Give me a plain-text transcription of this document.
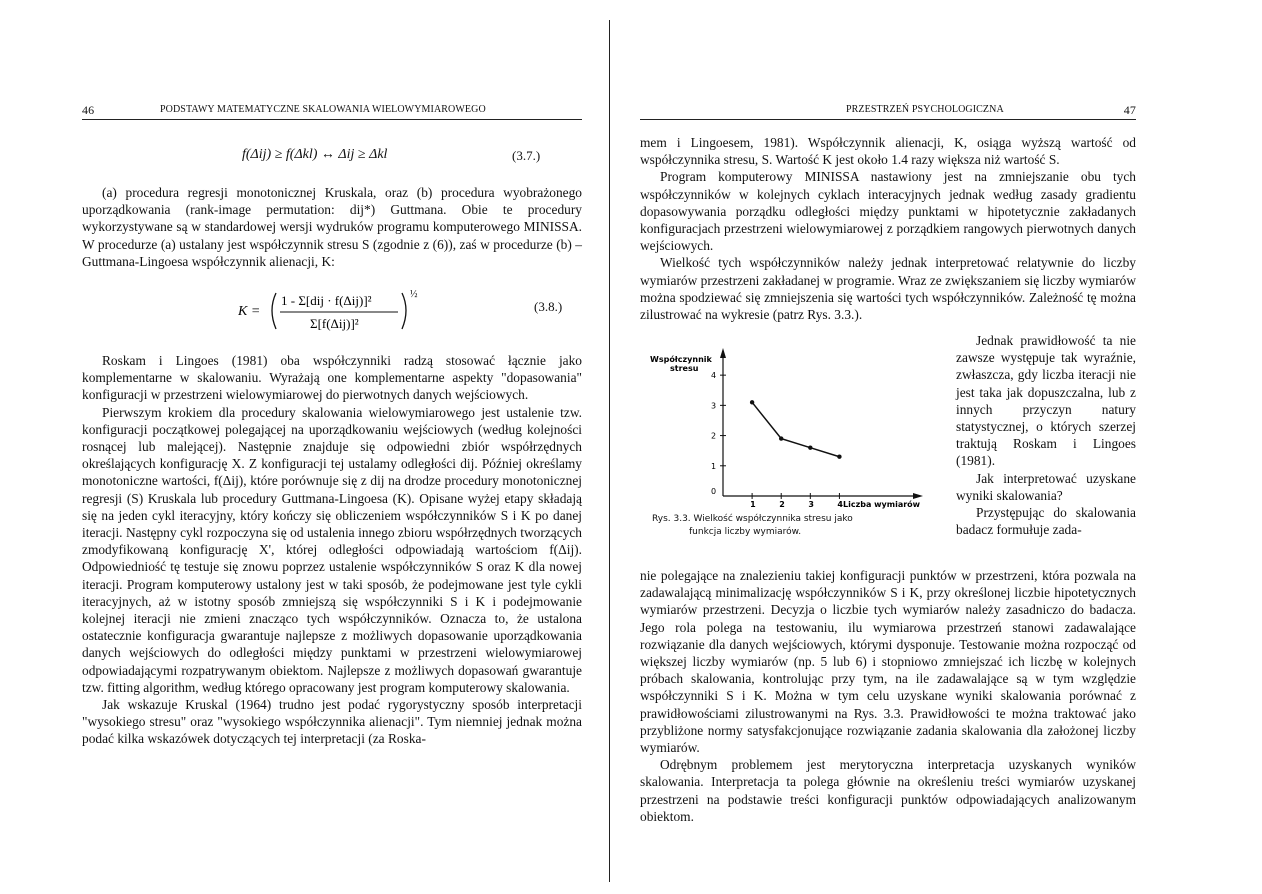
46	PODSTAWY MATEMATYCZNE SKALOWANIA WIELOWYMIAROWEGO
f(Δij) ≥ f(Δkl) ↔ Δij ≥ Δkl	(3.7.)

(a) procedura regresji monotonicznej Kruskala, oraz (b) procedura wyobrażonego uporządkowania (rank-image permutation: dij*) Guttmana. Obie te procedury wykorzystywane są w standardowej wersji wydruków programu komputerowego MINISSA. W procedurze (a) ustalany jest współczynnik stresu S (zgodnie z (6)), zaś w procedurze (b) – Guttmana-Lingoesa współczynnik alienacji, K:

K =
1 - Σ[dij · f(Δij)]²
Σ[f(Δij)]²
½
(3.8.)

Roskam i Lingoes (1981) oba współczynniki radzą stosować łącznie jako komplementarne w skalowaniu. Wyrażają one komplementarne aspekty "dopasowania" konfiguracji w przestrzeni wielowymiarowej do pierwotnych danych wejściowych.

Pierwszym krokiem dla procedury skalowania wielowymiarowego jest ustalenie tzw. konfiguracji początkowej polegającej na uporządkowaniu wejściowych (według kolejności rosnącej lub malejącej). Następnie znajduje się odpowiedni zbiór współrzędnych określających konfigurację X. Z konfiguracji tej ustalamy odległości dij. Później określamy monotoniczne wartości, f(Δij), które porównuje się z dij na drodze procedury monotonicznej regresji (S) Kruskala lub procedury Guttmana-Lingoesa (K). Opisane wyżej etapy składają się na jeden cykl iteracyjny, który kończy się obliczeniem współczynników S i K po danej iteracji. Następny cykl rozpoczyna się od ustalenia innego zbioru współrzędnych tworzących zmodyfikowaną konfigurację X', której odległości odpowiadają wartościom f(Δij). Odpowiedniość tę testuje się znowu poprzez ustalenie współczynników S oraz K dla nowej iteracji. Program komputerowy ustalony jest w taki sposób, że podejmowane jest tyle cykli iteracyjnych, aż w istotny sposób zmniejszą się współczynniki S i K i podejmowanie kolejnej iteracji nie zmieni znacząco tych współczynników. Oznacza to, że ustalona ostatecznie konfiguracja gwarantuje najlepsze z możliwych dopasowanie uporządkowania danych wejściowych do odległości między punktami w przestrzeni wielowymiarowej odpowiadającymi rozpatrywanym obiektom. Najlepsze z możliwych dopasowań gwarantuje tzw. fitting algorithm, według którego opracowany jest program komputerowy skalowania.

Jak wskazuje Kruskal (1964) trudno jest podać rygorystyczny sposób interpretacji "wysokiego stresu" oraz "wysokiego współczynnika alienacji". Tym niemniej jednak można podać kilka wskazówek dotyczących tej interpretacji (za Roska-

PRZESTRZEŃ PSYCHOLOGICZNA	47

mem i Lingoesem, 1981). Współczynnik alienacji, K, osiąga wyższą wartość od współczynnika stresu, S. Wartość K jest około 1.4 razy większa niż wartość S.

Program komputerowy MINISSA nastawiony jest na zmniejszanie obu tych współczynników w kolejnych cyklach interacyjnych jednak według zasady gradientu dopasowywania porządku odległości między punktami w hipotetycznie zakładanych konfiguracjach przestrzeni wielowymiarowej z porządkiem rangowych pierwotnych danych wejściowych.

Wielkość tych współczynników należy jednak interpretować relatywnie do liczby wymiarów przestrzeni zakładanej w programie. Wraz ze zwiększaniem się liczby wymiarów można spodziewać się zmniejszenia się wartości tych współczynników. Zależność tę można zilustrować na wykresie (patrz Rys. 3.3.).

Jednak prawidłowość ta nie zawsze występuje tak wyraźnie, zwłaszcza, gdy liczba iteracji nie jest taka jak dopuszczalna, lub z innych przyczyn natury statystycznej, o których szerzej traktują Roskam i Lingoes (1981).

Jak interpretować uzyskane wyniki skalowania?

Przystępując do skalowania badacz formułuje zada-

nie polegające na znalezieniu takiej konfiguracji punktów w przestrzeni, która pozwala na zadawalającą minimalizację współczynników S i K, przy określonej liczbie hipotetycznych wymiarów przestrzeni. Decyzja o liczbie tych wymiarów należy zasadniczo do badacza. Jego rola polega na testowaniu, ilu wymiarowa przestrzeń stanowi zadawalające rozwiązanie dla danych wejściowych, którymi dysponuje. Testowanie można rozpocząć od większej liczby wymiarów (np. 5 lub 6) i stopniowo zmniejszać ich liczbę w kolejnych próbach skalowania, kontrolując przy tym, na ile zadawalające są w tym względzie współczynniki S i K. Można w tym celu uzyskane wyniki skalowania porównać z prawidłowościami zilustrowanymi na Rys. 3.3. Prawidłowości te można traktować jako przybliżone normy satysfakcjonujące rozwiązanie zadania skalowania dla założonej liczby wymiarów.

Odrębnym problemem jest merytoryczna interpretacja uzyskanych wyników skalowania. Interpretacja ta polega głównie na określeniu treści wymiarów uzyskanej przestrzeni na podstawie treści konfiguracji punktów odpowiadających analizowanym obiektom.

Współczynnik
stresu
0
1
2
3
4
1	2	3	4 Liczba wymiarów
Rys. 3.3. Wielkość współczynnika stresu jako
funkcja liczby wymiarów.
